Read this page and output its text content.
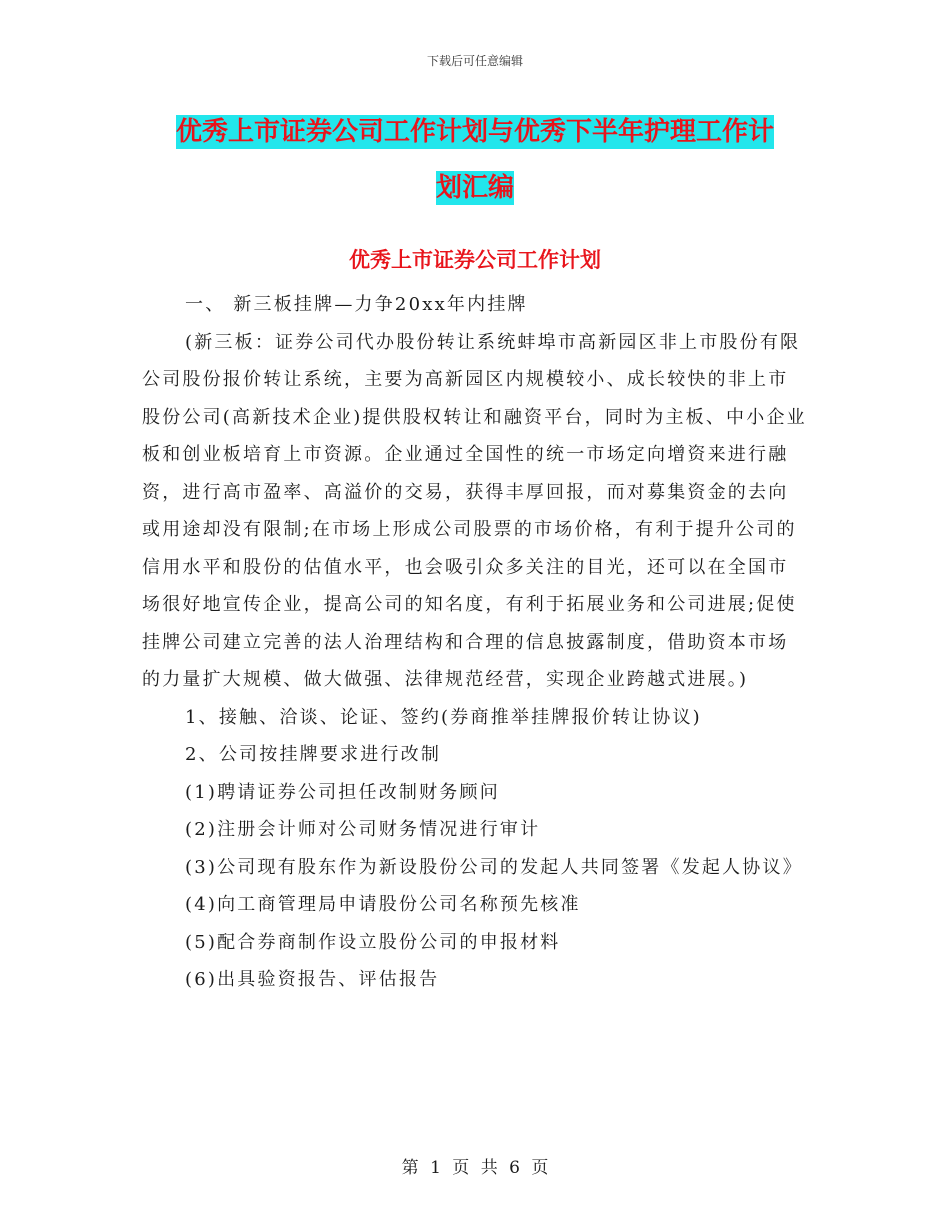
下载后可任意编辑
优秀上市证券公司工作计划与优秀下半年护理工作计
划汇编
优秀上市证券公司工作计划

一、 新三板挂牌—力争20xx年内挂牌

(新三板：证券公司代办股份转让系统蚌埠市高新园区非上市股份有限公司股份报价转让系统，主要为高新园区内规模较小、成长较快的非上市股份公司(高新技术企业)提供股权转让和融资平台，同时为主板、中小企业板和创业板培育上市资源。企业通过全国性的统一市场定向增资来进行融资，进行高市盈率、高溢价的交易，获得丰厚回报，而对募集资金的去向或用途却没有限制;在市场上形成公司股票的市场价格，有利于提升公司的信用水平和股份的估值水平，也会吸引众多关注的目光，还可以在全国市场很好地宣传企业，提高公司的知名度，有利于拓展业务和公司进展;促使挂牌公司建立完善的法人治理结构和合理的信息披露制度，借助资本市场的力量扩大规模、做大做强、法律规范经营，实现企业跨越式进展。)

1、接触、洽谈、论证、签约(券商推举挂牌报价转让协议)

2、公司按挂牌要求进行改制

(1)聘请证券公司担任改制财务顾问

(2)注册会计师对公司财务情况进行审计

(3)公司现有股东作为新设股份公司的发起人共同签署《发起人协议》

(4)向工商管理局申请股份公司名称预先核准

(5)配合券商制作设立股份公司的申报材料

(6)出具验资报告、评估报告

第 1 页 共 6 页
